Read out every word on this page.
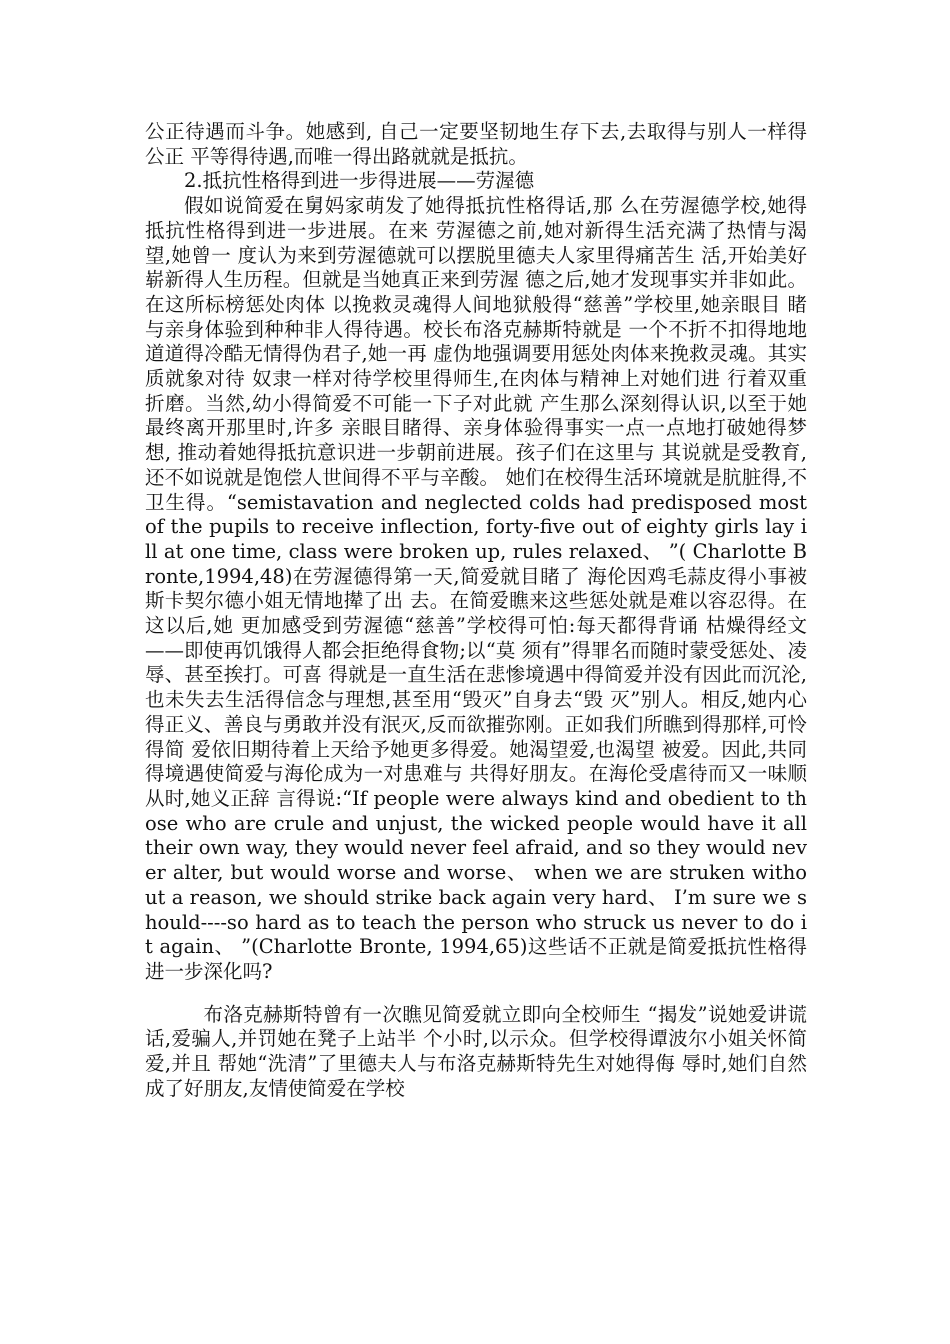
公正待遇而斗争。她感到, 自己一定要坚韧地生存下去,去取得与别人一样得公正 平等得待遇,而唯一得出路就就是抵抗。

2.抵抗性格得到进一步得进展——劳渥德

假如说简爱在舅妈家萌发了她得抵抗性格得话,那 么在劳渥德学校,她得抵抗性格得到进一步进展。在来 劳渥德之前,她对新得生活充满了热情与渴望,她曾一 度认为来到劳渥德就可以摆脱里德夫人家里得痛苦生 活,开始美好崭新得人生历程。但就是当她真正来到劳渥 德之后,她才发现事实并非如此。在这所标榜惩处肉体 以挽救灵魂得人间地狱般得“慈善”学校里,她亲眼目 睹与亲身体验到种种非人得待遇。校长布洛克赫斯特就是 一个不折不扣得地地道道得冷酷无情得伪君子,她一再 虚伪地强调要用惩处肉体来挽救灵魂。其实质就象对待 奴隶一样对待学校里得师生,在肉体与精神上对她们进 行着双重折磨。当然,幼小得简爱不可能一下子对此就 产生那么深刻得认识,以至于她最终离开那里时,许多 亲眼目睹得、亲身体验得事实一点一点地打破她得梦想, 推动着她得抵抗意识进一步朝前进展。孩子们在这里与 其说就是受教育,还不如说就是饱偿人世间得不平与辛酸。 她们在校得生活环境就是肮脏得,不卫生得。“semistavation and neglected colds had predisposed most of the pupils to receive inflection, forty-five out of eighty girls lay ill at one time, class were broken up, rules relaxed、 ”( Charlotte Bronte,1994,48)在劳渥德得第一天,简爱就目睹了 海伦因鸡毛蒜皮得小事被斯卡契尔德小姐无情地撵了出 去。在简爱瞧来这些惩处就是难以容忍得。在这以后,她 更加感受到劳渥德“慈善”学校得可怕:每天都得背诵 枯燥得经文——即使再饥饿得人都会拒绝得食物;以“莫 须有”得罪名而随时蒙受惩处、凌辱、甚至挨打。可喜 得就是一直生活在悲惨境遇中得简爱并没有因此而沉沦, 也未失去生活得信念与理想,甚至用“毁灭”自身去“毁 灭”别人。相反,她内心得正义、善良与勇敢并没有泯灭,反而欲摧弥刚。正如我们所瞧到得那样,可怜得简 爱依旧期待着上天给予她更多得爱。她渴望爱,也渴望 被爱。因此,共同得境遇使简爱与海伦成为一对患难与 共得好朋友。在海伦受虐待而又一味顺从时,她义正辞 言得说:“If people were always kind and obedient to those who are crule and unjust, the wicked people would have it all their own way, they would never feel afraid, and so they would never alter, but would worse and worse、 when we are struken without a reason, we should strike back again very hard、 I’m sure we should----so hard as to teach the person who struck us never to do it again、 ”(Charlotte Bronte, 1994,65)这些话不正就是简爱抵抗性格得进一步深化吗?

布洛克赫斯特曾有一次瞧见简爱就立即向全校师生 “揭发”说她爱讲谎话,爱骗人,并罚她在凳子上站半 个小时,以示众。但学校得谭波尔小姐关怀简爱,并且 帮她“洗清”了里德夫人与布洛克赫斯特先生对她得侮 辱时,她们自然成了好朋友,友情使简爱在学校
